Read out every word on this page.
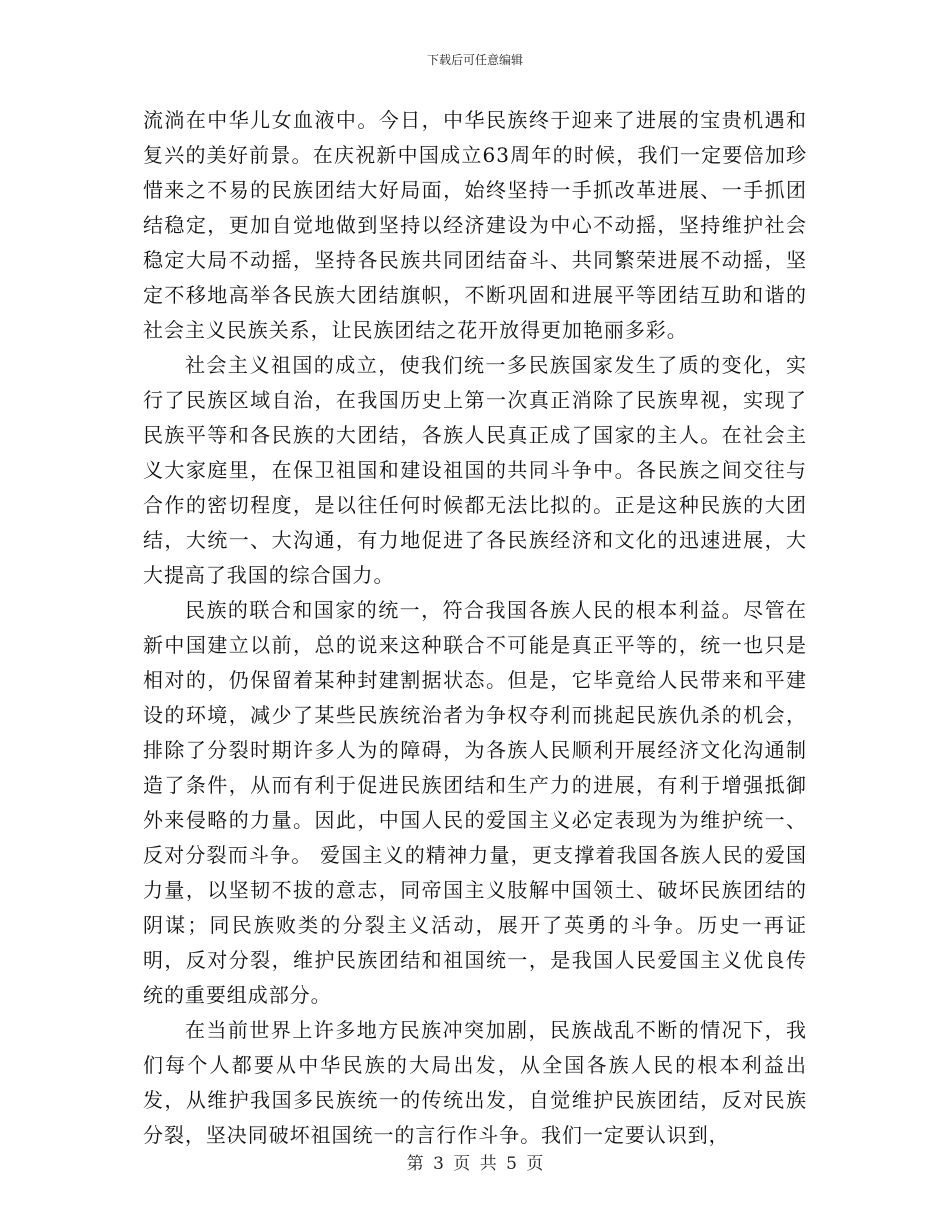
下载后可任意编辑

流淌在中华儿女血液中。今日，中华民族终于迎来了进展的宝贵机遇和复兴的美好前景。在庆祝新中国成立63周年的时候，我们一定要倍加珍惜来之不易的民族团结大好局面，始终坚持一手抓改革进展、一手抓团结稳定，更加自觉地做到坚持以经济建设为中心不动摇，坚持维护社会稳定大局不动摇，坚持各民族共同团结奋斗、共同繁荣进展不动摇，坚定不移地高举各民族大团结旗帜，不断巩固和进展平等团结互助和谐的社会主义民族关系，让民族团结之花开放得更加艳丽多彩。

社会主义祖国的成立，使我们统一多民族国家发生了质的变化，实行了民族区域自治，在我国历史上第一次真正消除了民族卑视，实现了民族平等和各民族的大团结，各族人民真正成了国家的主人。在社会主义大家庭里，在保卫祖国和建设祖国的共同斗争中。各民族之间交往与合作的密切程度，是以往任何时候都无法比拟的。正是这种民族的大团结，大统一、大沟通，有力地促进了各民族经济和文化的迅速进展，大大提高了我国的综合国力。

民族的联合和国家的统一，符合我国各族人民的根本利益。尽管在新中国建立以前，总的说来这种联合不可能是真正平等的，统一也只是相对的，仍保留着某种封建割据状态。但是，它毕竟给人民带来和平建设的环境，减少了某些民族统治者为争权夺利而挑起民族仇杀的机会，排除了分裂时期许多人为的障碍，为各族人民顺利开展经济文化沟通制造了条件，从而有利于促进民族团结和生产力的进展，有利于增强抵御外来侵略的力量。因此，中国人民的爱国主义必定表现为为维护统一、反对分裂而斗争。 爱国主义的精神力量，更支撑着我国各族人民的爱国力量，以坚韧不拔的意志，同帝国主义肢解中国领土、破坏民族团结的阴谋；同民族败类的分裂主义活动，展开了英勇的斗争。历史一再证明，反对分裂，维护民族团结和祖国统一，是我国人民爱国主义优良传统的重要组成部分。

在当前世界上许多地方民族冲突加剧，民族战乱不断的情况下，我们每个人都要从中华民族的大局出发，从全国各族人民的根本利益出发，从维护我国多民族统一的传统出发，自觉维护民族团结，反对民族分裂，坚决同破坏祖国统一的言行作斗争。我们一定要认识到，

第 3 页 共 5 页
